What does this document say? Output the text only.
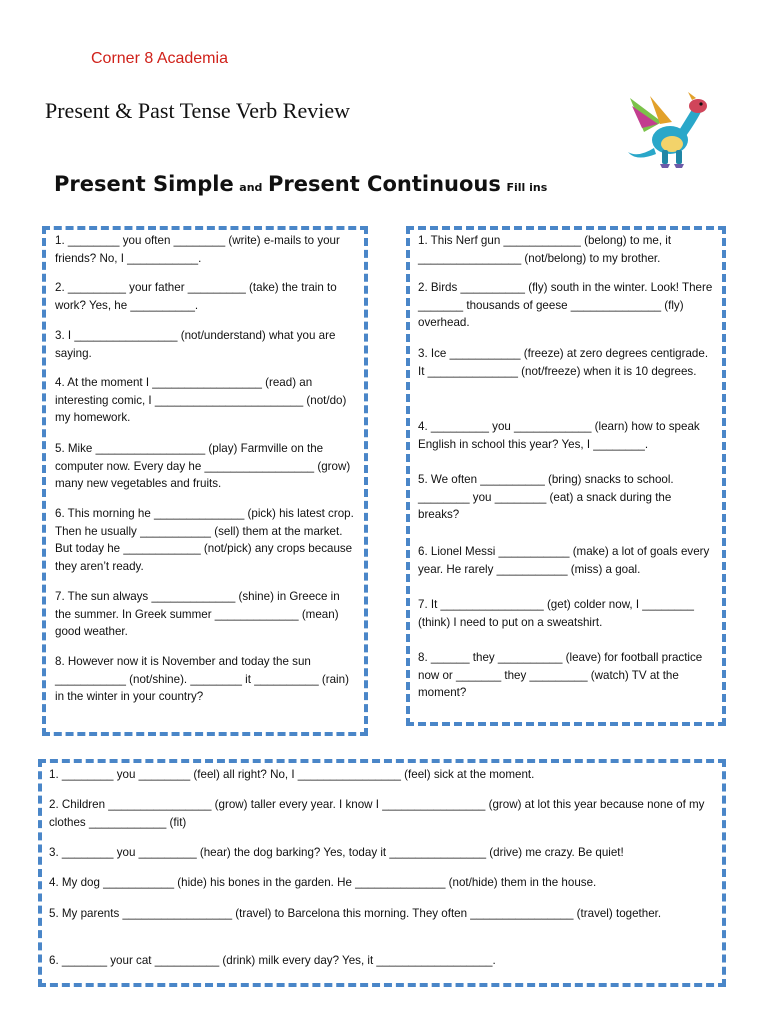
Corner 8 Academia
Present & Past Tense Verb Review
Present Simple and Present Continuous Fill ins
1. ________ you often ________ (write) e-mails to your friends? No, I ___________.
2. _________ your father _________ (take) the train to work? Yes, he __________.
3. I ________________ (not/understand) what you are saying.
4. At the moment I _________________ (read) an interesting comic, I _______________________ (not/do) my homework.
5. Mike _________________ (play) Farmville on the computer now. Every day he _________________ (grow) many new vegetables and fruits.
6. This morning he ______________ (pick) his latest crop. Then he usually ___________ (sell) them at the market. But today he ____________ (not/pick) any crops because they aren’t ready.
7. The sun always _____________ (shine) in Greece in the summer. In Greek summer _____________ (mean) good weather.
8. However now it is November and today the sun ___________ (not/shine). ________ it __________ (rain) in the winter in your country?
1. This Nerf gun ____________ (belong) to me, it ________________ (not/belong) to my brother.
2. Birds __________ (fly) south in the winter. Look! There _______ thousands of geese ______________ (fly) overhead.
3. Ice ___________ (freeze) at zero degrees centigrade. It ______________ (not/freeze) when it is 10 degrees.
4. _________ you ____________ (learn) how to speak English in school this year? Yes, I ________.
5. We often __________ (bring) snacks to school. ________ you ________ (eat) a snack during the breaks?
6. Lionel Messi ___________ (make) a lot of goals every year. He rarely ___________ (miss) a goal.
7. It ________________ (get) colder now, I ________ (think) I need to put on a sweatshirt.
8. ______ they __________ (leave) for football practice now or _______ they _________ (watch) TV at the moment?
1. ________ you ________ (feel) all right? No, I ________________ (feel) sick at the moment.
2. Children ________________ (grow) taller every year. I know I ________________ (grow) at lot this year because none of my clothes ____________ (fit)
3. ________ you _________ (hear) the dog barking? Yes, today it _______________ (drive) me crazy. Be quiet!
4. My dog ___________ (hide) his bones in the garden. He ______________ (not/hide) them in the house.
5. My parents _________________ (travel) to Barcelona this morning. They often ________________ (travel) together.
6. _______ your cat __________ (drink) milk every day? Yes, it __________________.
